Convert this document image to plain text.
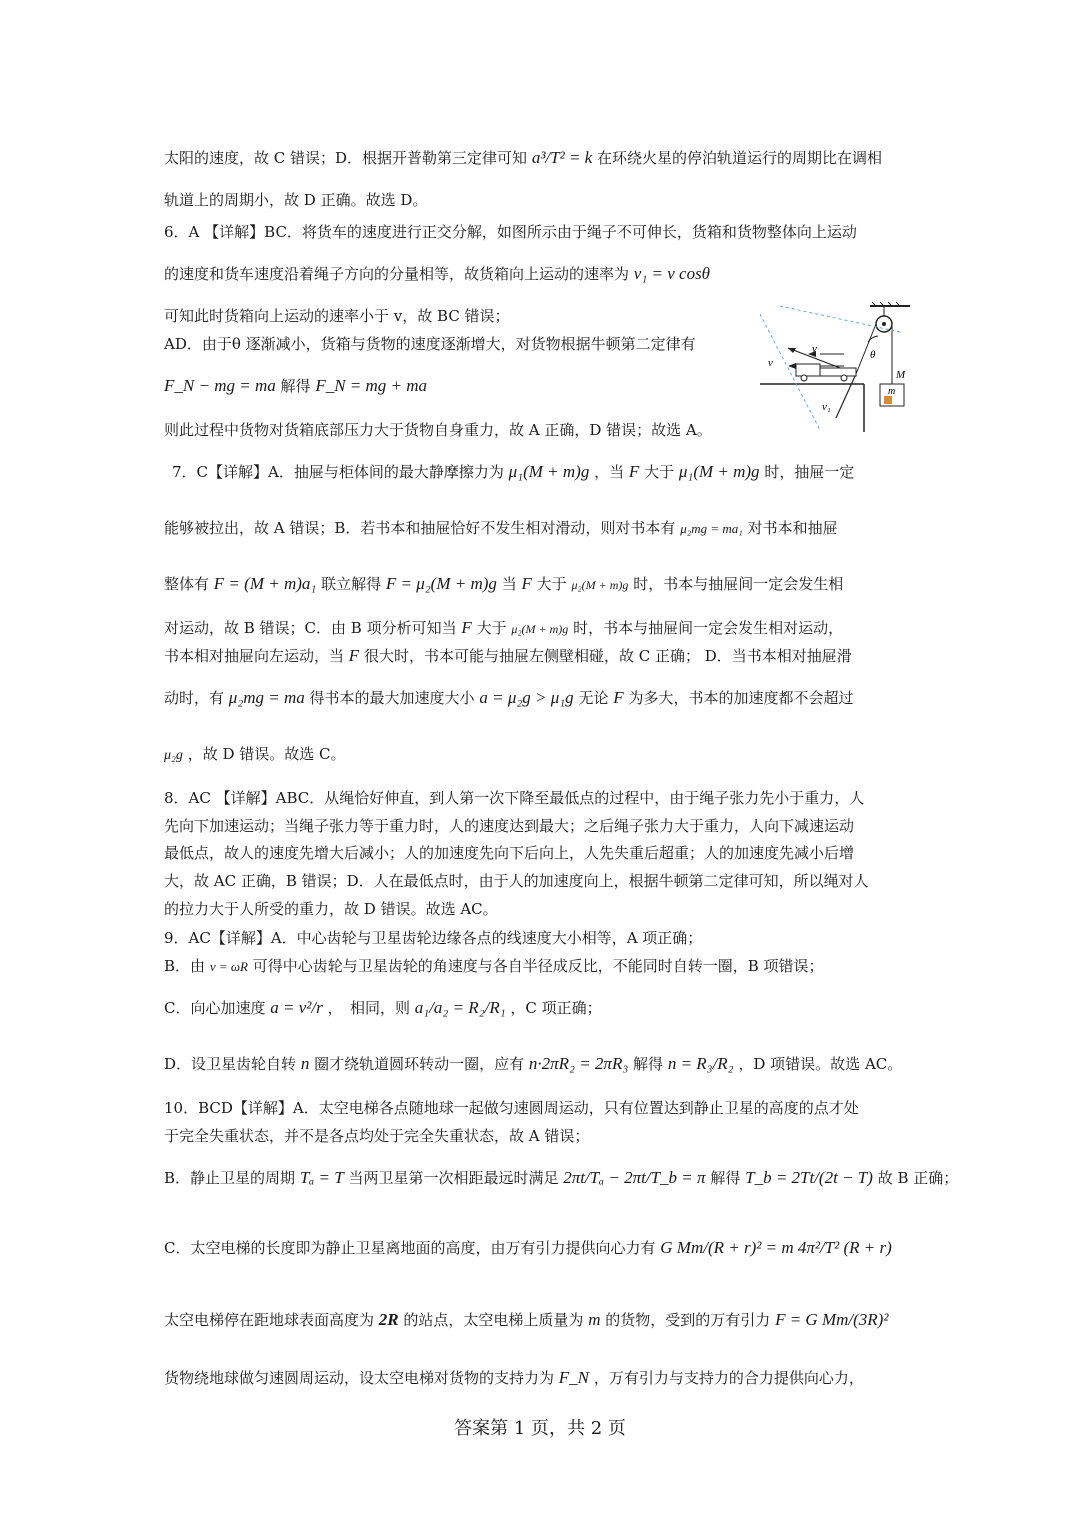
太阳的速度，故 C 错误；D．根据开普勒第三定律可知 a³/T² = k 在环绕火星的停泊轨道运行的周期比在调相
轨道上的周期小，故 D 正确。故选 D。
6．A 【详解】BC．将货车的速度进行正交分解，如图所示由于绳子不可伸长，货箱和货物整体向上运动
的速度和货车速度沿着绳子方向的分量相等，故货箱向上运动的速率为 v₁ = v cosθ
可知此时货箱向上运动的速率小于 v，故 BC 错误；
AD．由于θ 逐渐减小，货箱与货物的速度逐渐增大，对货物根据牛顿第二定律有
F_N − mg = ma 解得 F_N = mg + ma
则此过程中货物对货箱底部压力大于货物自身重力，故 A 正确，D 错误；故选 A。
v
v
v₁
θ
M
m
7．C【详解】A．抽屉与柜体间的最大静摩擦力为 μ₁(M + m)g ，当 F 大于 μ₁(M + m)g 时，抽屉一定
能够被拉出，故 A 错误；B．若书本和抽屉恰好不发生相对滑动，则对书本有 μ₂mg = ma₁ 对书本和抽屉
整体有 F = (M + m)a₁ 联立解得 F = μ₂(M + m)g 当 F 大于 μ₂(M + m)g 时，书本与抽屉间一定会发生相
对运动，故 B 错误；C．由 B 项分析可知当 F 大于 μ₂(M + m)g 时，书本与抽屉间一定会发生相对运动，
书本相对抽屉向左运动，当 F 很大时，书本可能与抽屉左侧壁相碰，故 C 正确； D．当书本相对抽屉滑
动时，有 μ₂mg = ma 得书本的最大加速度大小 a = μ₂g > μ₁g 无论 F 为多大，书本的加速度都不会超过
μ₂g ，故 D 错误。故选 C。
8．AC 【详解】ABC．从绳恰好伸直，到人第一次下降至最低点的过程中，由于绳子张力先小于重力，人
先向下加速运动；当绳子张力等于重力时，人的速度达到最大；之后绳子张力大于重力，人向下减速运动
最低点，故人的速度先增大后减小；人的加速度先向下后向上，人先失重后超重；人的加速度先减小后增
大，故 AC 正确，B 错误；D．人在最低点时，由于人的加速度向上，根据牛顿第二定律可知，所以绳对人
的拉力大于人所受的重力，故 D 错误。故选 AC。
9．AC【详解】A．中心齿轮与卫星齿轮边缘各点的线速度大小相等，A 项正确；
B．由 v = ωR 可得中心齿轮与卫星齿轮的角速度与各自半径成反比，不能同时自转一圈，B 项错误；
C．向心加速度 a = v²/r ，　相同，则 a₁/a₂ = R₂/R₁ ，C 项正确；
D．设卫星齿轮自转 n 圈才绕轨道圆环转动一圈，应有 n·2πR₂ = 2πR₃ 解得 n = R₃/R₂ ，D 项错误。故选 AC。
10．BCD【详解】A．太空电梯各点随地球一起做匀速圆周运动，只有位置达到静止卫星的高度的点才处
于完全失重状态，并不是各点均处于完全失重状态，故 A 错误；
B．静止卫星的周期 Tₐ = T 当两卫星第一次相距最远时满足 2πt/Tₐ − 2πt/T_b = π 解得 T_b = 2Tt/(2t − T) 故 B 正确；
C．太空电梯的长度即为静止卫星离地面的高度，由万有引力提供向心力有 G Mm/(R + r)² = m 4π²/T² (R + r)
太空电梯停在距地球表面高度为 2R 的站点，太空电梯上质量为 m 的货物，受到的万有引力 F = G Mm/(3R)²
货物绕地球做匀速圆周运动，设太空电梯对货物的支持力为 F_N ，万有引力与支持力的合力提供向心力，
答案第 1 页，共 2 页
